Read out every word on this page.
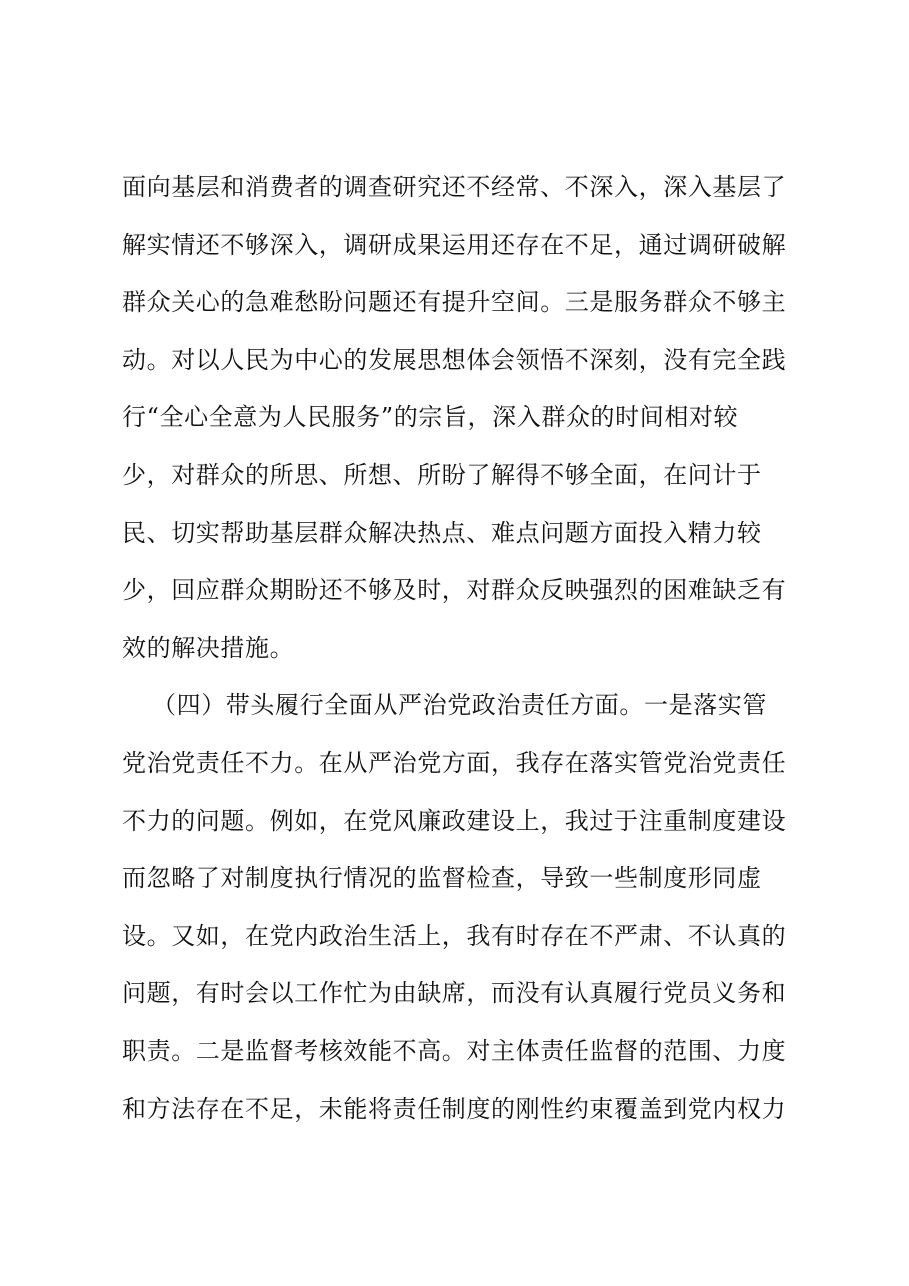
面向基层和消费者的调查研究还不经常、不深入，深入基层了
解实情还不够深入，调研成果运用还存在不足，通过调研破解
群众关心的急难愁盼问题还有提升空间。三是服务群众不够主
动。对以人民为中心的发展思想体会领悟不深刻，没有完全践
行“全心全意为人民服务”的宗旨，深入群众的时间相对较
少，对群众的所思、所想、所盼了解得不够全面，在问计于
民、切实帮助基层群众解决热点、难点问题方面投入精力较
少，回应群众期盼还不够及时，对群众反映强烈的困难缺乏有
效的解决措施。
（四）带头履行全面从严治党政治责任方面。一是落实管
党治党责任不力。在从严治党方面，我存在落实管党治党责任
不力的问题。例如，在党风廉政建设上，我过于注重制度建设
而忽略了对制度执行情况的监督检查，导致一些制度形同虚
设。又如，在党内政治生活上，我有时存在不严肃、不认真的
问题，有时会以工作忙为由缺席，而没有认真履行党员义务和
职责。二是监督考核效能不高。对主体责任监督的范围、力度
和方法存在不足，未能将责任制度的刚性约束覆盖到党内权力
